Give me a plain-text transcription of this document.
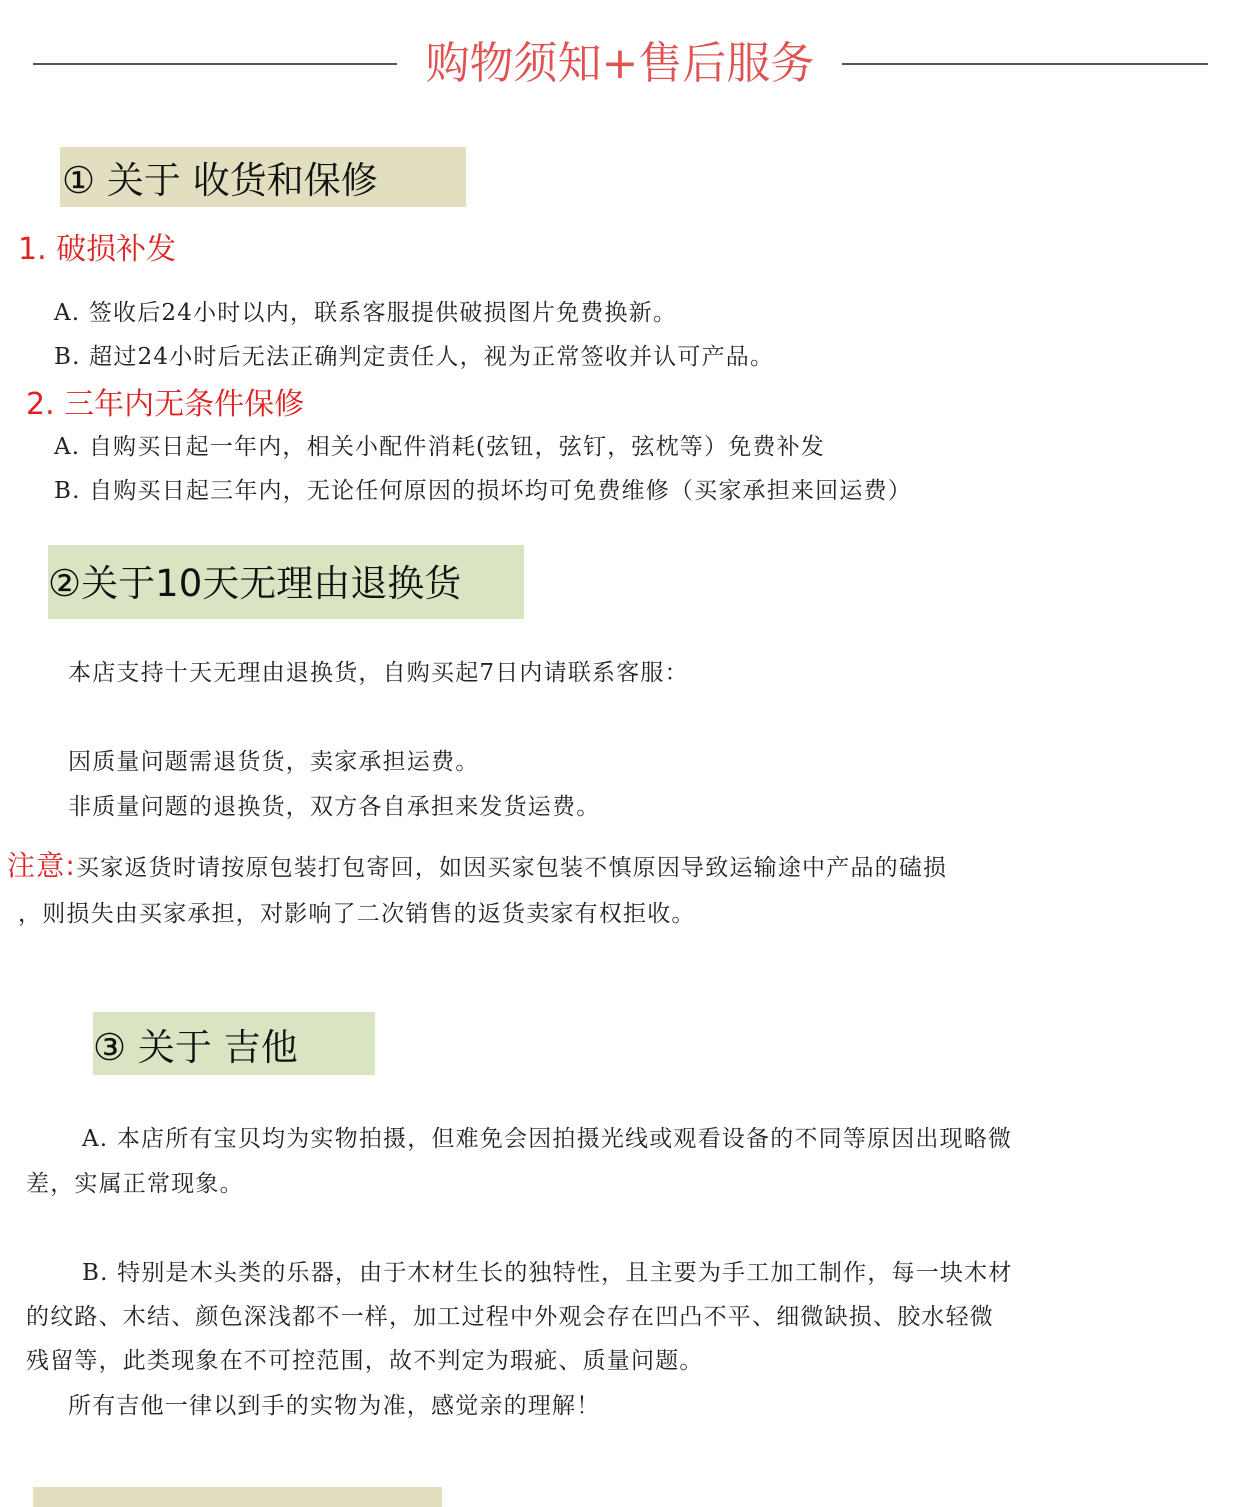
购物须知+售后服务
① 关于 收货和保修
1. 破损补发
A. 签收后24小时以内，联系客服提供破损图片免费换新。
B. 超过24小时后无法正确判定责任人，视为正常签收并认可产品。
2. 三年内无条件保修
A. 自购买日起一年内，相关小配件消耗(弦钮，弦钉，弦枕等）免费补发
B. 自购买日起三年内，无论任何原因的损坏均可免费维修（买家承担来回运费）
②关于10天无理由退换货
本店支持十天无理由退换货，自购买起7日内请联系客服：
因质量问题需退货货，卖家承担运费。
非质量问题的退换货，双方各自承担来发货运费。
注意:买家返货时请按原包装打包寄回，如因买家包装不慎原因导致运输途中产品的磕损
，则损失由买家承担，对影响了二次销售的返货卖家有权拒收。
③ 关于 吉他
A. 本店所有宝贝均为实物拍摄，但难免会因拍摄光线或观看设备的不同等原因出现略微
差，实属正常现象。
B. 特别是木头类的乐器，由于木材生长的独特性，且主要为手工加工制作，每一块木材
的纹路、木结、颜色深浅都不一样，加工过程中外观会存在凹凸不平、细微缺损、胶水轻微
残留等，此类现象在不可控范围，故不判定为瑕疵、质量问题。
所有吉他一律以到手的实物为准，感觉亲的理解！
